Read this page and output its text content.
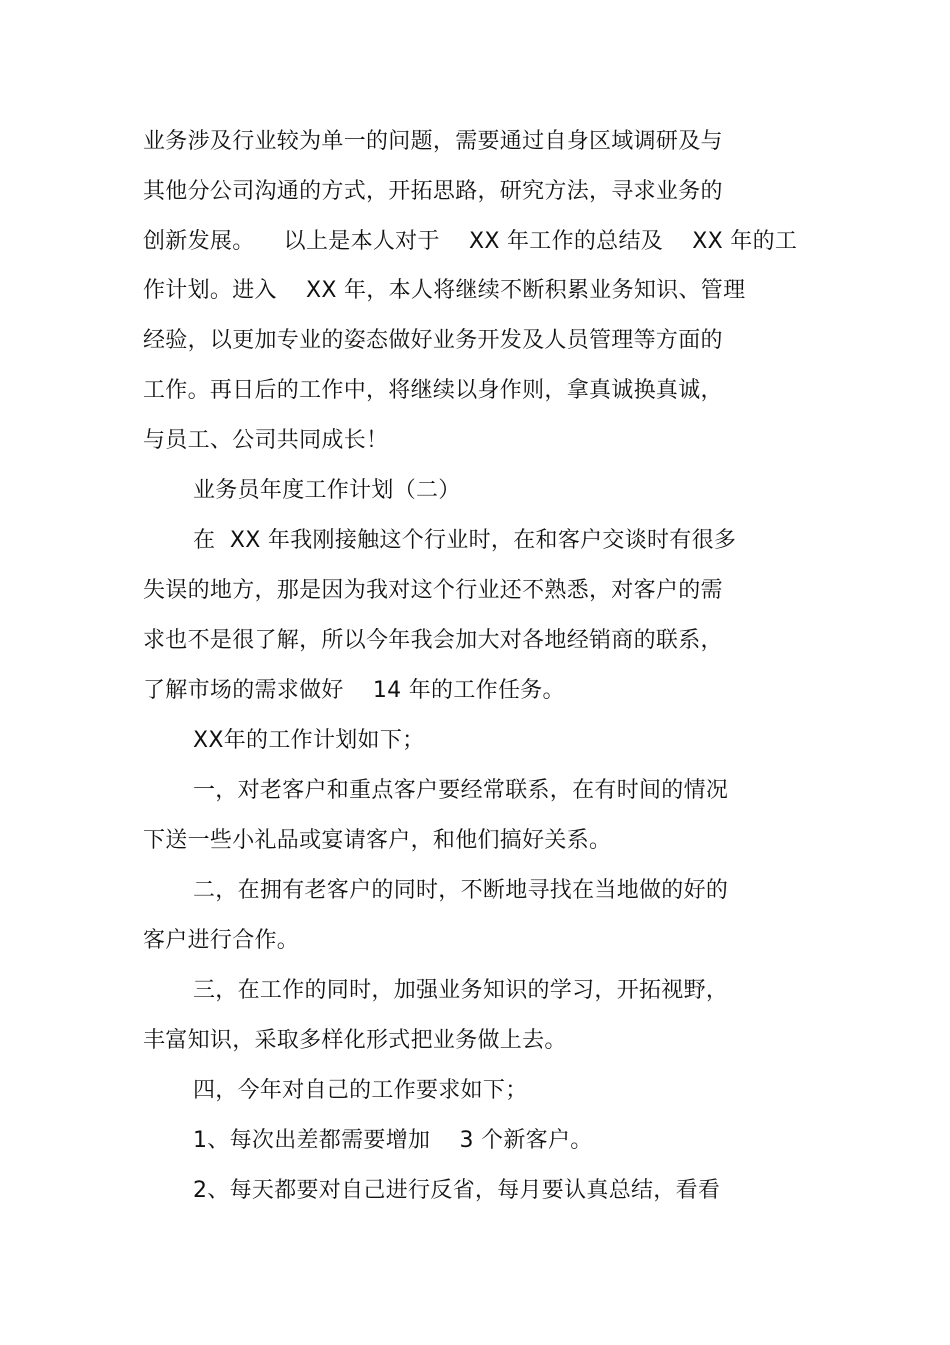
业务涉及行业较为单一的问题，需要通过自身区域调研及与
其他分公司沟通的方式，开拓思路，研究方法，寻求业务的
创新发展。    以上是本人对于    XX 年工作的总结及    XX 年的工
作计划。进入    XX 年，本人将继续不断积累业务知识、管理
经验，以更加专业的姿态做好业务开发及人员管理等方面的
工作。再日后的工作中，将继续以身作则，拿真诚换真诚，
与员工、公司共同成长！
业务员年度工作计划（二）
在  XX 年我刚接触这个行业时，在和客户交谈时有很多
失误的地方，那是因为我对这个行业还不熟悉，对客户的需
求也不是很了解，所以今年我会加大对各地经销商的联系，
了解市场的需求做好    14 年的工作任务。
XX年的工作计划如下；
一，对老客户和重点客户要经常联系，在有时间的情况
下送一些小礼品或宴请客户，和他们搞好关系。
二，在拥有老客户的同时，不断地寻找在当地做的好的
客户进行合作。
三，在工作的同时，加强业务知识的学习，开拓视野，
丰富知识，采取多样化形式把业务做上去。
四，今年对自己的工作要求如下；
1、每次出差都需要增加    3 个新客户。
2、每天都要对自己进行反省，每月要认真总结，看看
